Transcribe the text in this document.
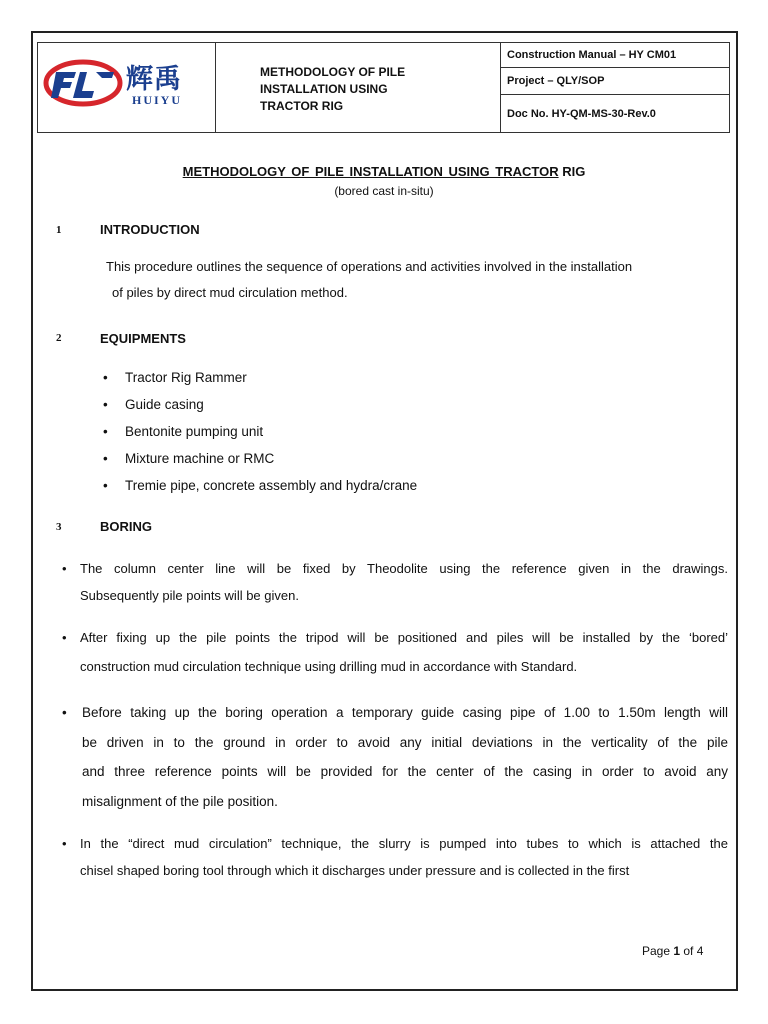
辉禹
HUIYU
METHODOLOGY OF PILE
INSTALLATION USING
TRACTOR RIG
Construction Manual – HY CM01
Project – QLY/SOP
Doc No. HY-QM-MS-30-Rev.0
METHODOLOGY OF PILE INSTALLATION USING TRACTOR RIG
(bored cast in-situ)
1	INTRODUCTION
This procedure outlines the sequence of operations and activities involved in the installation
of piles by direct mud circulation method.
2	EQUIPMENTS
• Tractor Rig Rammer
• Guide casing
• Bentonite pumping unit
• Mixture machine or RMC
• Tremie pipe, concrete assembly and hydra/crane
3	BORING
• The column center line will be fixed by Theodolite using the reference given in the drawings.
Subsequently pile points will be given.

• After fixing up the pile points the tripod will be positioned and piles will be installed by the ‘bored’
construction mud circulation technique using drilling mud in accordance with Standard.

• Before taking up the boring operation a temporary guide casing pipe of 1.00 to 1.50m length will
be driven in to the ground in order to avoid any initial deviations in the verticality of the pile
and three reference points will be provided for the center of the casing in order to avoid any
misalignment of the pile position.

• In the “direct mud circulation” technique, the slurry is pumped into tubes to which is attached the
chisel shaped boring tool through which it discharges under pressure and is collected in the first

Page 1 of 4
